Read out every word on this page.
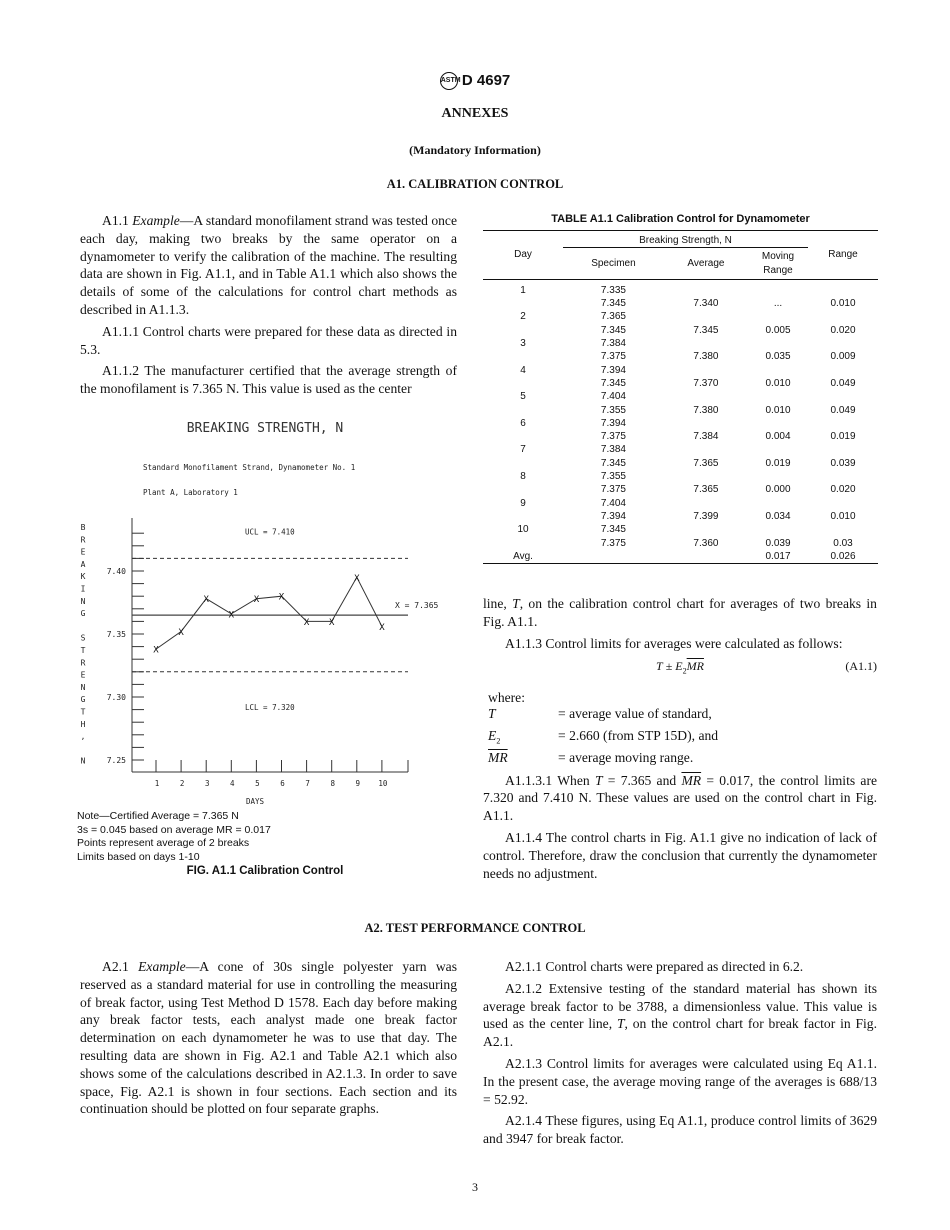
ASTM D 4697
ANNEXES
(Mandatory Information)
A1. CALIBRATION CONTROL

A1.1 Example—A standard monofilament strand was tested once each day, making two breaks by the same operator on a dynamometer to verify the calibration of the machine. The resulting data are shown in Fig. A1.1, and in Table A1.1 which also shows the details of some of the calculations for control chart methods as described in A1.1.3.

A1.1.1 Control charts were prepared for these data as directed in 5.3.

A1.1.2 The manufacturer certified that the average strength of the monofilament is 7.365 N. This value is used as the center

BREAKING STRENGTH, N
Standard Monofilament Strand, Dynamometer No. 1
Plant A, Laboratory 1
7.25
7.30
7.35
7.40
1	2	3	4	5	6	7	8	9 10
DAYS
B
R
E
A
K
I
N
G
S
T
R
E
N
G
T
H
,
N
UCL = 7.410
LCL = 7.320
X = 7.365
X
X
X
X
X X
X X
X
X
Note—Certified Average = 7.365 N
3s = 0.045 based on average MR = 0.017
Points represent average of 2 breaks
Limits based on days 1-10
FIG. A1.1 Calibration Control
TABLE A1.1 Calibration Control for Dynamometer
Day	Breaking Strength, N			Range
	Specimen	Average	Moving Range	
1	7.335			
	7.345	7.340	...	0.010
2	7.365			
	7.345	7.345	0.005	0.020
3	7.384			
	7.375	7.380	0.035	0.009
4	7.394			
	7.345	7.370	0.010	0.049
5	7.404			
	7.355	7.380	0.010	0.049
6	7.394			
	7.375	7.384	0.004	0.019
7	7.384			
	7.345	7.365	0.019	0.039
8	7.355			
	7.375	7.365	0.000	0.020
9	7.404			
	7.394	7.399	0.034	0.010
10	7.345			
	7.375	7.360	0.039	0.03
Avg.			0.017	0.026

line, T, on the calibration control chart for averages of two breaks in Fig. A1.1.

A1.1.3 Control limits for averages were calculated as follows:

$T \pm E_2\overline{MR}$	(A1.1)
where:
T	= average value of standard,
$E_2$	= 2.660 (from STP 15D), and
$\overline{MR}$	= average moving range.

A1.1.3.1 When T = 7.365 and $\overline{MR} = 0.017$, the control limits are 7.320 and 7.410 N. These values are used on the control chart in Fig. A1.1.

A1.1.4 The control charts in Fig. A1.1 give no indication of lack of control. Therefore, draw the conclusion that currently the dynamometer needs no adjustment.

A2. TEST PERFORMANCE CONTROL

A2.1 Example—A cone of 30s single polyester yarn was reserved as a standard material for use in controlling the measuring of break factor, using Test Method D 1578. Each day before making any break factor tests, each analyst made one break factor determination on each dynamometer he was to use that day. The resulting data are shown in Fig. A2.1 and Table A2.1 which also shows some of the calculations described in A2.1.3. In order to save space, Fig. A2.1 is shown in four sections. Each section and its continuation should be plotted on four separate graphs.

A2.1.1 Control charts were prepared as directed in 6.2.

A2.1.2 Extensive testing of the standard material has shown its average break factor to be 3788, a dimensionless value. This value is used as the center line, T, on the control chart for break factor in Fig. A2.1.

A2.1.3 Control limits for averages were calculated using Eq A1.1. In the present case, the average moving range of the averages is 688/13 = 52.92.

A2.1.4 These figures, using Eq A1.1, produce control limits of 3629 and 3947 for break factor.

3
